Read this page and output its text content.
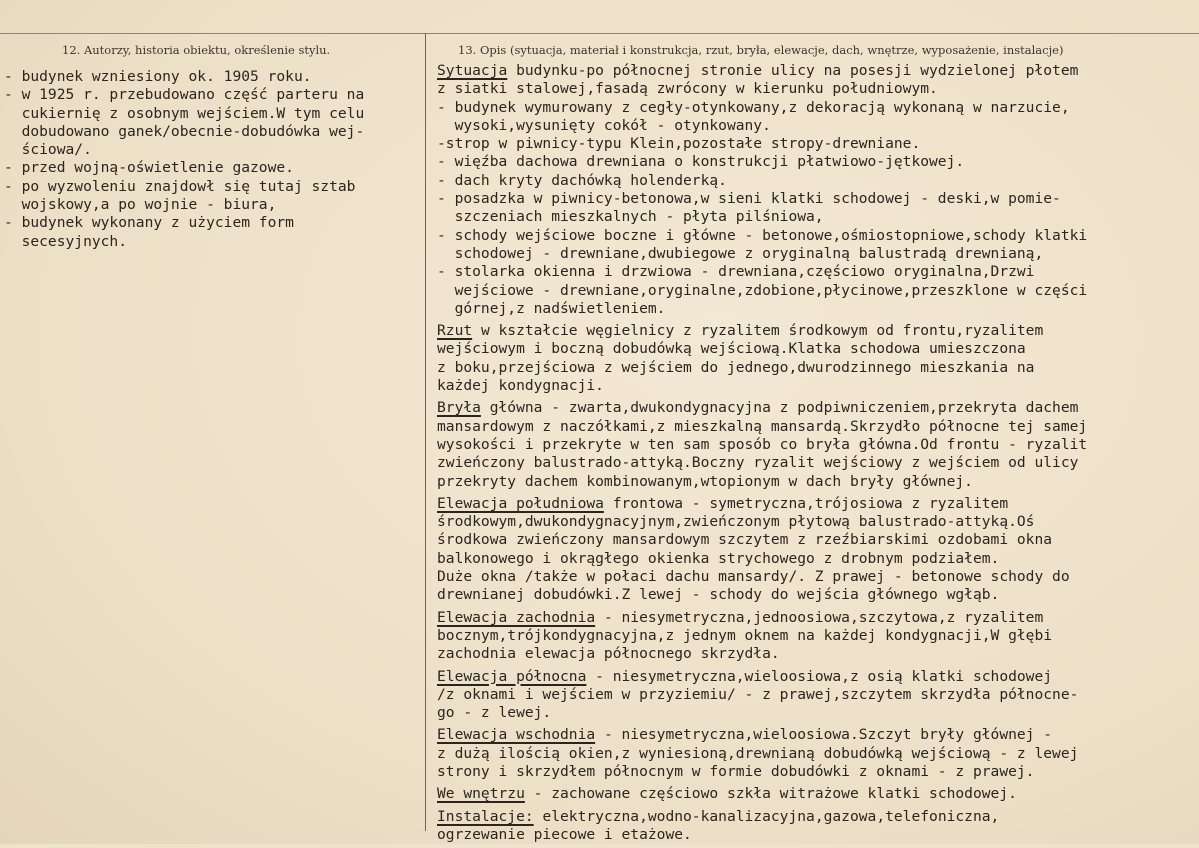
12. Autorzy, historia obiektu, określenie stylu.	13. Opis (sytuacja, materiał i konstrukcja, rzut, bryła, elewacje, dach, wnętrze, wyposażenie, instalacje)
- budynek wzniesiony ok. 1905 roku.
- w 1925 r. przebudowano część parteru na
cukiernię z osobnym wejściem.W tym celu
dobudowano ganek/obecnie-dobudówka wej-
ściowa/.
- przed wojną-oświetlenie gazowe.
- po wyzwoleniu znajdowł się tutaj sztab
wojskowy,a po wojnie - biura,
- budynek wykonany z użyciem form
secesyjnych.
Sytuacja budynku-po północnej stronie ulicy na posesji wydzielonej płotem
z siatki stalowej,fasadą zwrócony w kierunku południowym.
- budynek wymurowany z cegły-otynkowany,z dekoracją wykonaną w narzucie,
wysoki,wysunięty cokół - otynkowany.
-strop w piwnicy-typu Klein,pozostałe stropy-drewniane.
- więźba dachowa drewniana o konstrukcji płatwiowo-jętkowej.
- dach kryty dachówką holenderką.
- posadzka w piwnicy-betonowa,w sieni klatki schodowej - deski,w pomie-
szczeniach mieszkalnych - płyta pilśniowa,
- schody wejściowe boczne i główne - betonowe,ośmiostopniowe,schody klatki
schodowej - drewniane,dwubiegowe z oryginalną balustradą drewnianą,
- stolarka okienna i drzwiowa - drewniana,częściowo oryginalna,Drzwi
wejściowe - drewniane,oryginalne,zdobione,płycinowe,przeszklone w części
górnej,z nadświetleniem.
Rzut w kształcie węgielnicy z ryzalitem środkowym od frontu,ryzalitem
wejściowym i boczną dobudówką wejściową.Klatka schodowa umieszczona
z boku,przejściowa z wejściem do jednego,dwurodzinnego mieszkania na
każdej kondygnacji.
Bryła główna - zwarta,dwukondygnacyjna z podpiwniczeniem,przekryta dachem
mansardowym z naczółkami,z mieszkalną mansardą.Skrzydło północne tej samej
wysokości i przekryte w ten sam sposób co bryła główna.Od frontu - ryzalit
zwieńczony balustrado-attyką.Boczny ryzalit wejściowy z wejściem od ulicy
przekryty dachem kombinowanym,wtopionym w dach bryły głównej.
Elewacja południowa frontowa - symetryczna,trójosiowa z ryzalitem
środkowym,dwukondygnacyjnym,zwieńczonym płytową balustrado-attyką.Oś
środkowa zwieńczony mansardowym szczytem z rzeźbiarskimi ozdobami okna
balkonowego i okrągłego okienka strychowego z drobnym podziałem.
Duże okna /także w połaci dachu mansardy/. Z prawej - betonowe schody do
drewnianej dobudówki.Z lewej - schody do wejścia głównego wgłąb.
Elewacja zachodnia - niesymetryczna,jednoosiowa,szczytowa,z ryzalitem
bocznym,trójkondygnacyjna,z jednym oknem na każdej kondygnacji,W głębi
zachodnia elewacja północnego skrzydła.
Elewacja północna - niesymetryczna,wieloosiowa,z osią klatki schodowej
/z oknami i wejściem w przyziemiu/ - z prawej,szczytem skrzydła północne-
go - z lewej.
Elewacja wschodnia - niesymetryczna,wieloosiowa.Szczyt bryły głównej -
z dużą ilością okien,z wyniesioną,drewnianą dobudówką wejściową - z lewej
strony i skrzydłem północnym w formie dobudówki z oknami - z prawej.
We wnętrzu - zachowane częściowo szkła witrażowe klatki schodowej.
Instalacje: elektryczna,wodno-kanalizacyjna,gazowa,telefoniczna,
ogrzewanie piecowe i etażowe.
